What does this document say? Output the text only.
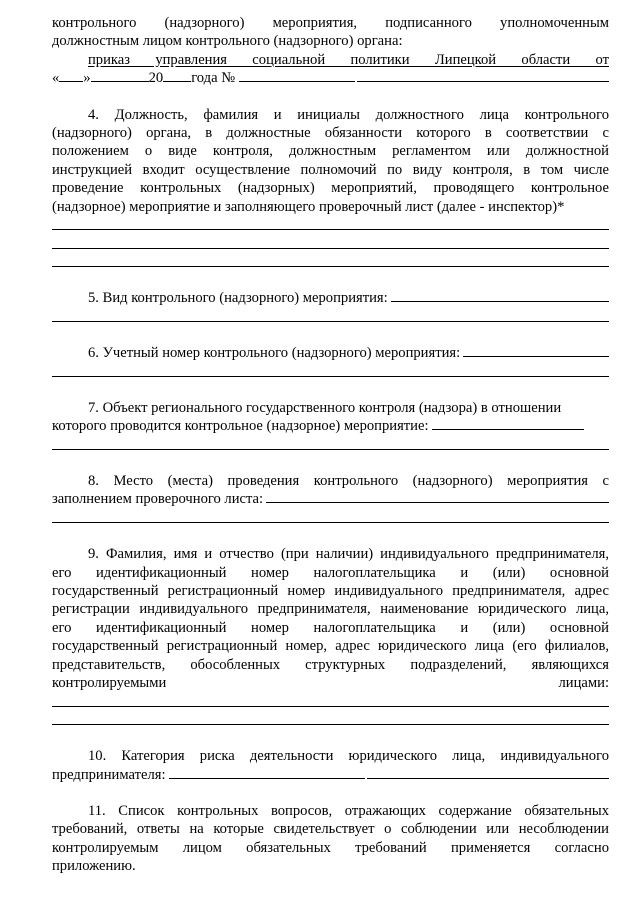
контрольного (надзорного) мероприятия, подписанного уполномоченным
должностным лицом контрольного (надзорного) органа:
приказ управления социальной политики Липецкой области от
« »	20 года №
4. Должность, фамилия и инициалы должностного лица контрольного
(надзорного) органа, в должностные обязанности которого в соответствии с
положением о виде контроля, должностным регламентом или должностной
инструкцией входит осуществление полномочий по виду контроля, в том числе
проведение контрольных (надзорных) мероприятий, проводящего контрольное
(надзорное) мероприятие и заполняющего проверочный лист (далее - инспектор)*
5. Вид контрольного (надзорного) мероприятия:
6. Учетный номер контрольного (надзорного) мероприятия:
7. Объект регионального государственного контроля (надзора) в отношении
которого проводится контрольное (надзорное) мероприятие:
8. Место (места) проведения контрольного (надзорного) мероприятия с
заполнением проверочного листа:
9. Фамилия, имя и отчество (при наличии) индивидуального предпринимателя,
его идентификационный номер налогоплательщика и (или) основной
государственный регистрационный номер индивидуального предпринимателя, адрес
регистрации индивидуального предпринимателя, наименование юридического лица,
его идентификационный номер налогоплательщика и (или) основной
государственный регистрационный номер, адрес юридического лица (его филиалов,
представительств, обособленных структурных подразделений, являющихся
контролируемыми	лицами:
10. Категория риска деятельности юридического лица, индивидуального
предпринимателя:
11. Список контрольных вопросов, отражающих содержание обязательных
требований, ответы на которые свидетельствует о соблюдении или несоблюдении
контролируемым лицом обязательных требований применяется согласно
приложению.
